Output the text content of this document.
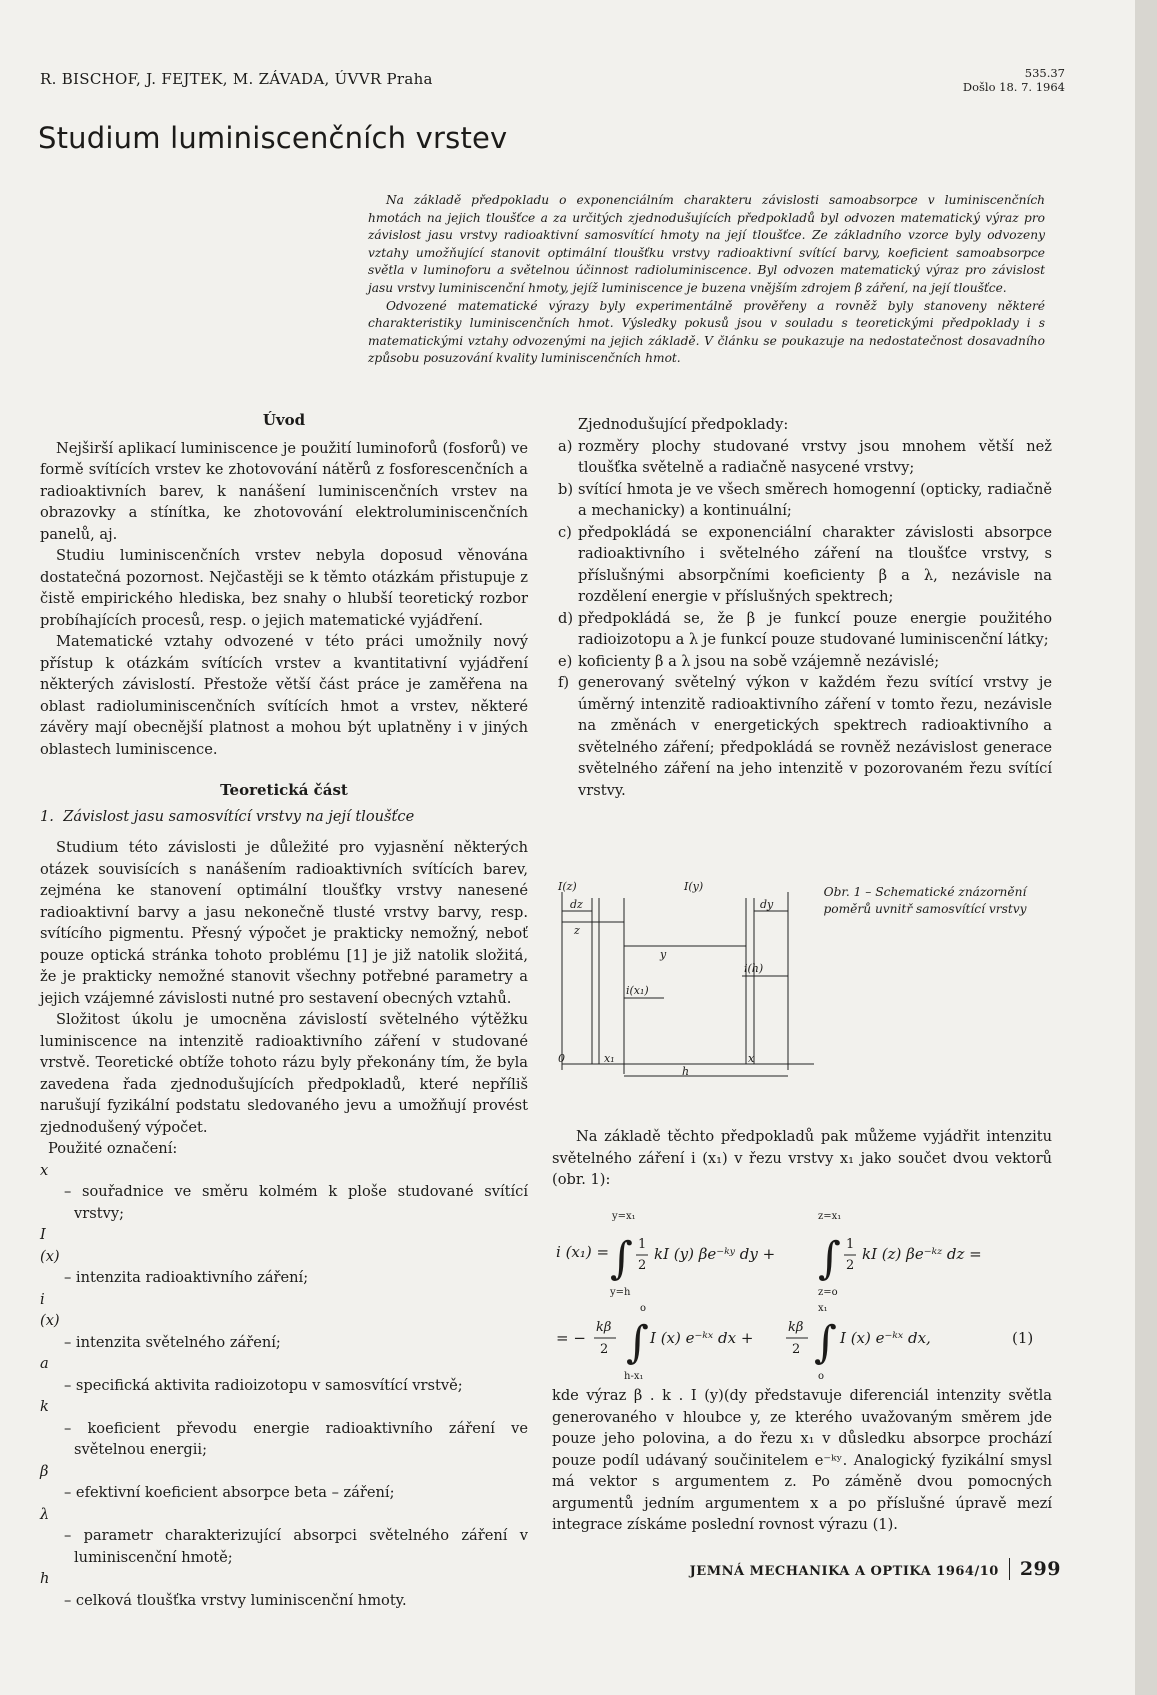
R. BISCHOF, J. FEJTEK, M. ZÁVADA, ÚVVR Praha	535.37
Došlo 18. 7. 1964
Studium luminiscenčních vrstev

Na základě předpokladu o exponenciálním charakteru závislosti samoabsorpce v luminiscenčních hmotách na jejich tloušťce a za určitých zjednodušujících předpokladů byl odvozen matematický výraz pro závislost jasu vrstvy radioaktivní samosvítící hmoty na její tloušťce. Ze základního vzorce byly odvozeny vztahy umožňující stanovit optimální tloušťku vrstvy radioaktivní svítící barvy, koeficient samoabsorpce světla v luminoforu a světelnou účinnost radioluminiscence. Byl odvozen matematický výraz pro závislost jasu vrstvy luminiscenční hmoty, jejíž luminiscence je buzena vnějším zdrojem β záření, na její tloušťce.

Odvozené matematické výrazy byly experimentálně prověřeny a rovněž byly stanoveny některé charakteristiky luminiscenčních hmot. Výsledky pokusů jsou v souladu s teoretickými předpoklady i s matematickými vztahy odvozenými na jejich základě. V článku se poukazuje na nedostatečnost dosavadního způsobu posuzování kvality luminiscenčních hmot.

Úvod

Nejširší aplikací luminiscence je použití luminoforů (fosforů) ve formě svítících vrstev ke zhotovování nátěrů z fosforescenčních a radioaktivních barev, k nanášení luminiscenčních vrstev na obrazovky a stínítka, ke zhotovování elektroluminiscenčních panelů, aj.

Studiu luminiscenčních vrstev nebyla doposud věnována dostatečná pozornost. Nejčastěji se k těmto otázkám přistupuje z čistě empirického hlediska, bez snahy o hlubší teoretický rozbor probíhajících procesů, resp. o jejich matematické vyjádření.

Matematické vztahy odvozené v této práci umožnily nový přístup k otázkám svítících vrstev a kvantitativní vyjádření některých závislostí. Přestože větší část práce je zaměřena na oblast radioluminiscenčních svítících hmot a vrstev, některé závěry mají obecnější platnost a mohou být uplatněny i v jiných oblastech luminiscence.

Teoretická část
1. Závislost jasu samosvítící vrstvy na její tloušťce

Studium této závislosti je důležité pro vyjasnění některých otázek souvisících s nanášením radioaktivních svítících barev, zejména ke stanovení optimální tloušťky vrstvy nanesené radioaktivní barvy a jasu nekonečně tlusté vrstvy barvy, resp. svítícího pigmentu. Přesný výpočet je prakticky nemožný, neboť pouze optická stránka tohoto problému [1] je již natolik složitá, že je prakticky nemožné stanovit všechny potřebné parametry a jejich vzájemné závislosti nutné pro sestavení obecných vztahů.

Složitost úkolu je umocněna závislostí světelného výtěžku luminiscence na intenzitě radioaktivního záření v studované vrstvě. Teoretické obtíže tohoto rázu byly překonány tím, že byla zavedena řada zjednodušujících předpokladů, které nepříliš narušují fyzikální podstatu sledovaného jevu a umožňují provést zjednodušený výpočet.

Použité označení:
x
– souřadnice ve směru kolmém k ploše studované svítící vrstvy;
I (x)
– intenzita radioaktivního záření;
i (x)
– intenzita světelného záření;
a
– specifická aktivita radioizotopu v samosvítící vrstvě;
k
– koeficient převodu energie radioaktivního záření ve světelnou energii;
β
– efektivní koeficient absorpce beta – záření;
λ
– parametr charakterizující absorpci světelného záření v luminiscenční hmotě;
h
– celková tloušťka vrstvy luminiscenční hmoty.
Zjednodušující předpoklady:
a) rozměry plochy studované vrstvy jsou mnohem větší než tloušťka světelně a radiačně nasycené vrstvy;
b) svítící hmota je ve všech směrech homogenní (opticky, radiačně a mechanicky) a kontinuální;
c) předpokládá se exponenciální charakter závislosti absorpce radioaktivního i světelného záření na tloušťce vrstvy, s příslušnými absorpčními koeficienty β a λ, nezávisle na rozdělení energie v příslušných spektrech;
d) předpokládá se, že β je funkcí pouze energie použitého radioizotopu a λ je funkcí pouze studované luminiscenční látky;
e) koficienty β a λ jsou na sobě vzájemně nezávislé;
f) generovaný světelný výkon v každém řezu svítící vrstvy je úměrný intenzitě radioaktivního záření v tomto řezu, nezávisle na změnách v energetických spektrech radioaktivního a světelného záření; předpokládá se rovněž nezávislost generace světelného záření na jeho intenzitě v pozorovaném řezu svítící vrstvy.
I(z)	I(y)
dz	dy
z
y
i(h)
i(x₁)
0	x₁
h
x
Obr. 1 – Schematické znázornění poměrů uvnitř samosvítící vrstvy

Na základě těchto předpokladů pak můžeme vyjádřit intenzitu světelného záření i (x₁) v řezu vrstvy x₁ jako součet dvou vektorů (obr. 1):

i (x₁) =
y=x₁
y=h
∫ 1
2
kI (y) βe⁻ᵏʸ dy +
z=x₁
z=o
∫ 1
2
kI (z) βe⁻ᵏᶻ dz =
= −
kβ
2
o
h-x₁
∫ I (x) e⁻ᵏˣ dx +
kβ
2
x₁
o
∫ I (x) e⁻ᵏˣ dx,	(1)
kde výraz β . k . I (y)(dy představuje diferenciál intenzity světla generovaného v hloubce y, ze kterého uvažovaným směrem jde pouze jeho polovina, a do řezu x₁ v důsledku absorpce prochází pouze podíl udávaný součinitelem e⁻ᵏʸ. Analogický fyzikální smysl má vektor s argumentem z. Po záměně dvou pomocných argumentů jedním argumentem x a po příslušné úpravě mezí integrace získáme poslední rovnost výrazu (1).
JEMNÁ MECHANIKA A OPTIKA 1964/10 299
